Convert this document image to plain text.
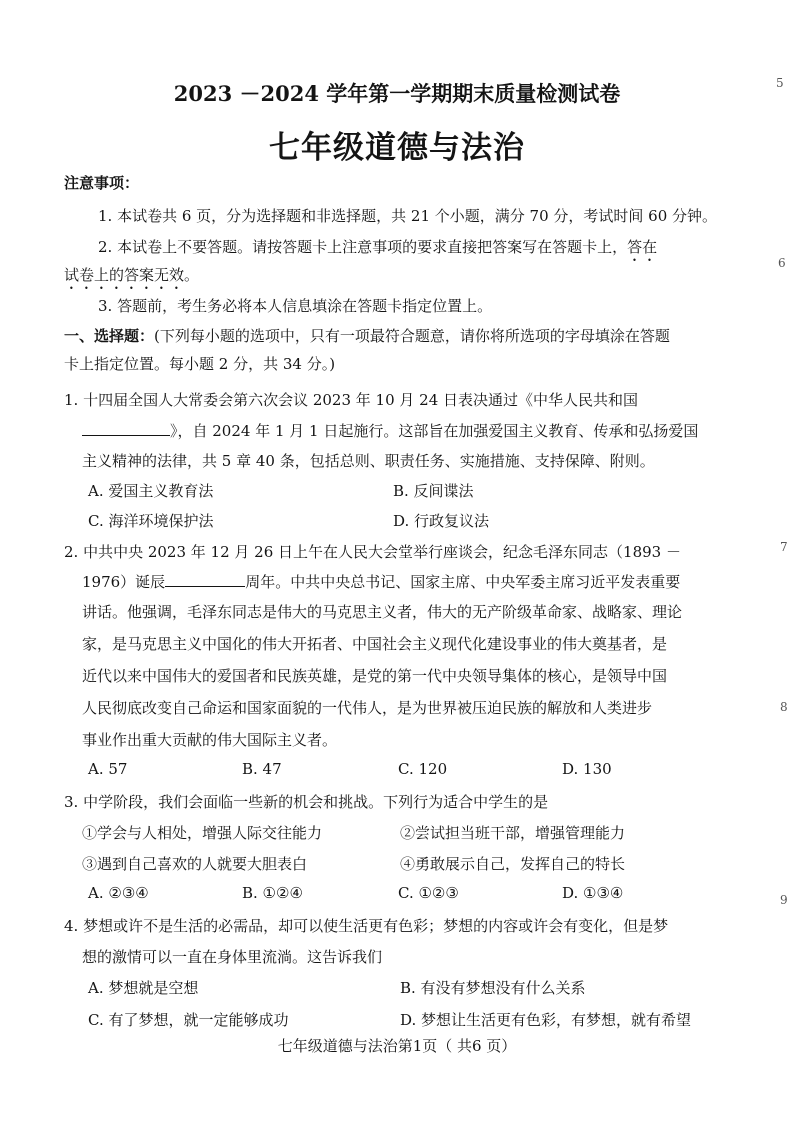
2023 －2024 学年第一学期期末质量检测试卷
七年级道德与法治
注意事项：
1. 本试卷共 6 页，分为选择题和非选择题，共 21 个小题，满分 70 分，考试时间 60 分钟。
2. 本试卷上不要答题。请按答题卡上注意事项的要求直接把答案写在答题卡上，答在
试卷上的答案无效。
3. 答题前，考生务必将本人信息填涂在答题卡指定位置上。
一、选择题：(下列每小题的选项中，只有一项最符合题意，请你将所选项的字母填涂在答题
卡上指定位置。每小题 2 分，共 34 分。)
1. 十四届全国人大常委会第六次会议 2023 年 10 月 24 日表决通过《中华人民共和国
》，自 2024 年 1 月 1 日起施行。这部旨在加强爱国主义教育、传承和弘扬爱国
主义精神的法律，共 5 章 40 条，包括总则、职责任务、实施措施、支持保障、附则。
A. 爱国主义教育法	B. 反间谍法
C. 海洋环境保护法	D. 行政复议法
2. 中共中央 2023 年 12 月 26 日上午在人民大会堂举行座谈会，纪念毛泽东同志（1893 －
1976）诞辰	周年。中共中央总书记、国家主席、中央军委主席习近平发表重要
讲话。他强调，毛泽东同志是伟大的马克思主义者，伟大的无产阶级革命家、战略家、理论
家，是马克思主义中国化的伟大开拓者、中国社会主义现代化建设事业的伟大奠基者，是
近代以来中国伟大的爱国者和民族英雄，是党的第一代中央领导集体的核心，是领导中国
人民彻底改变自己命运和国家面貌的一代伟人，是为世界被压迫民族的解放和人类进步
事业作出重大贡献的伟大国际主义者。
A. 57	B. 47	C. 120	D. 130
3. 中学阶段，我们会面临一些新的机会和挑战。下列行为适合中学生的是
①学会与人相处，增强人际交往能力	②尝试担当班干部，增强管理能力
③遇到自己喜欢的人就要大胆表白	④勇敢展示自己，发挥自己的特长
A. ②③④	B. ①②④	C. ①②③	D. ①③④
4. 梦想或许不是生活的必需品，却可以使生活更有色彩；梦想的内容或许会有变化，但是梦
想的激情可以一直在身体里流淌。这告诉我们
A. 梦想就是空想	B. 有没有梦想没有什么关系
C. 有了梦想，就一定能够成功	D. 梦想让生活更有色彩，有梦想，就有希望
七年级道德与法治第1页（ 共6 页）
5
6
7
8
9
